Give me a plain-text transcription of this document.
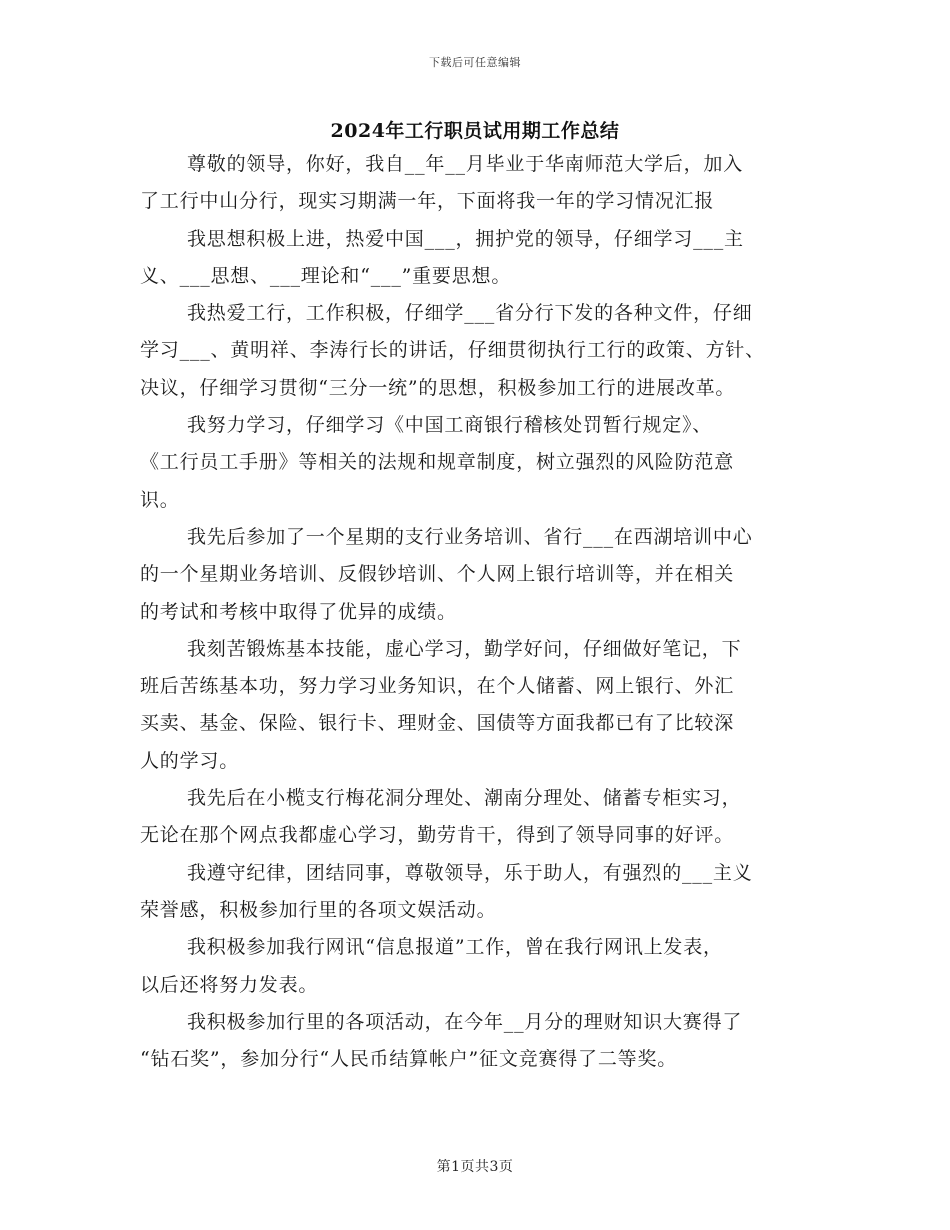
下载后可任意编辑
2024年工行职员试用期工作总结
尊敬的领导，你好，我自__年__月毕业于华南师范大学后，加入
了工行中山分行，现实习期满一年，下面将我一年的学习情况汇报
我思想积极上进，热爱中国___，拥护党的领导，仔细学习___主
义、___思想、___理论和“___”重要思想。
我热爱工行，工作积极，仔细学___省分行下发的各种文件，仔细
学习___、黄明祥、李涛行长的讲话，仔细贯彻执行工行的政策、方针、
决议，仔细学习贯彻“三分一统”的思想，积极参加工行的进展改革。
我努力学习，仔细学习《中国工商银行稽核处罚暂行规定》、
《工行员工手册》等相关的法规和规章制度，树立强烈的风险防范意
识。
我先后参加了一个星期的支行业务培训、省行___在西湖培训中心
的一个星期业务培训、反假钞培训、个人网上银行培训等，并在相关
的考试和考核中取得了优异的成绩。
我刻苦锻炼基本技能，虚心学习，勤学好问，仔细做好笔记，下
班后苦练基本功，努力学习业务知识，在个人储蓄、网上银行、外汇
买卖、基金、保险、银行卡、理财金、国债等方面我都已有了比较深
人的学习。
我先后在小榄支行梅花洞分理处、潮南分理处、储蓄专柜实习，
无论在那个网点我都虚心学习，勤劳肯干，得到了领导同事的好评。
我遵守纪律，团结同事，尊敬领导，乐于助人，有强烈的___主义
荣誉感，积极参加行里的各项文娱活动。
我积极参加我行网讯“信息报道”工作，曾在我行网讯上发表，
以后还将努力发表。
我积极参加行里的各项活动，在今年__月分的理财知识大赛得了
“钻石奖”，参加分行“人民币结算帐户”征文竞赛得了二等奖。
第1页共3页
